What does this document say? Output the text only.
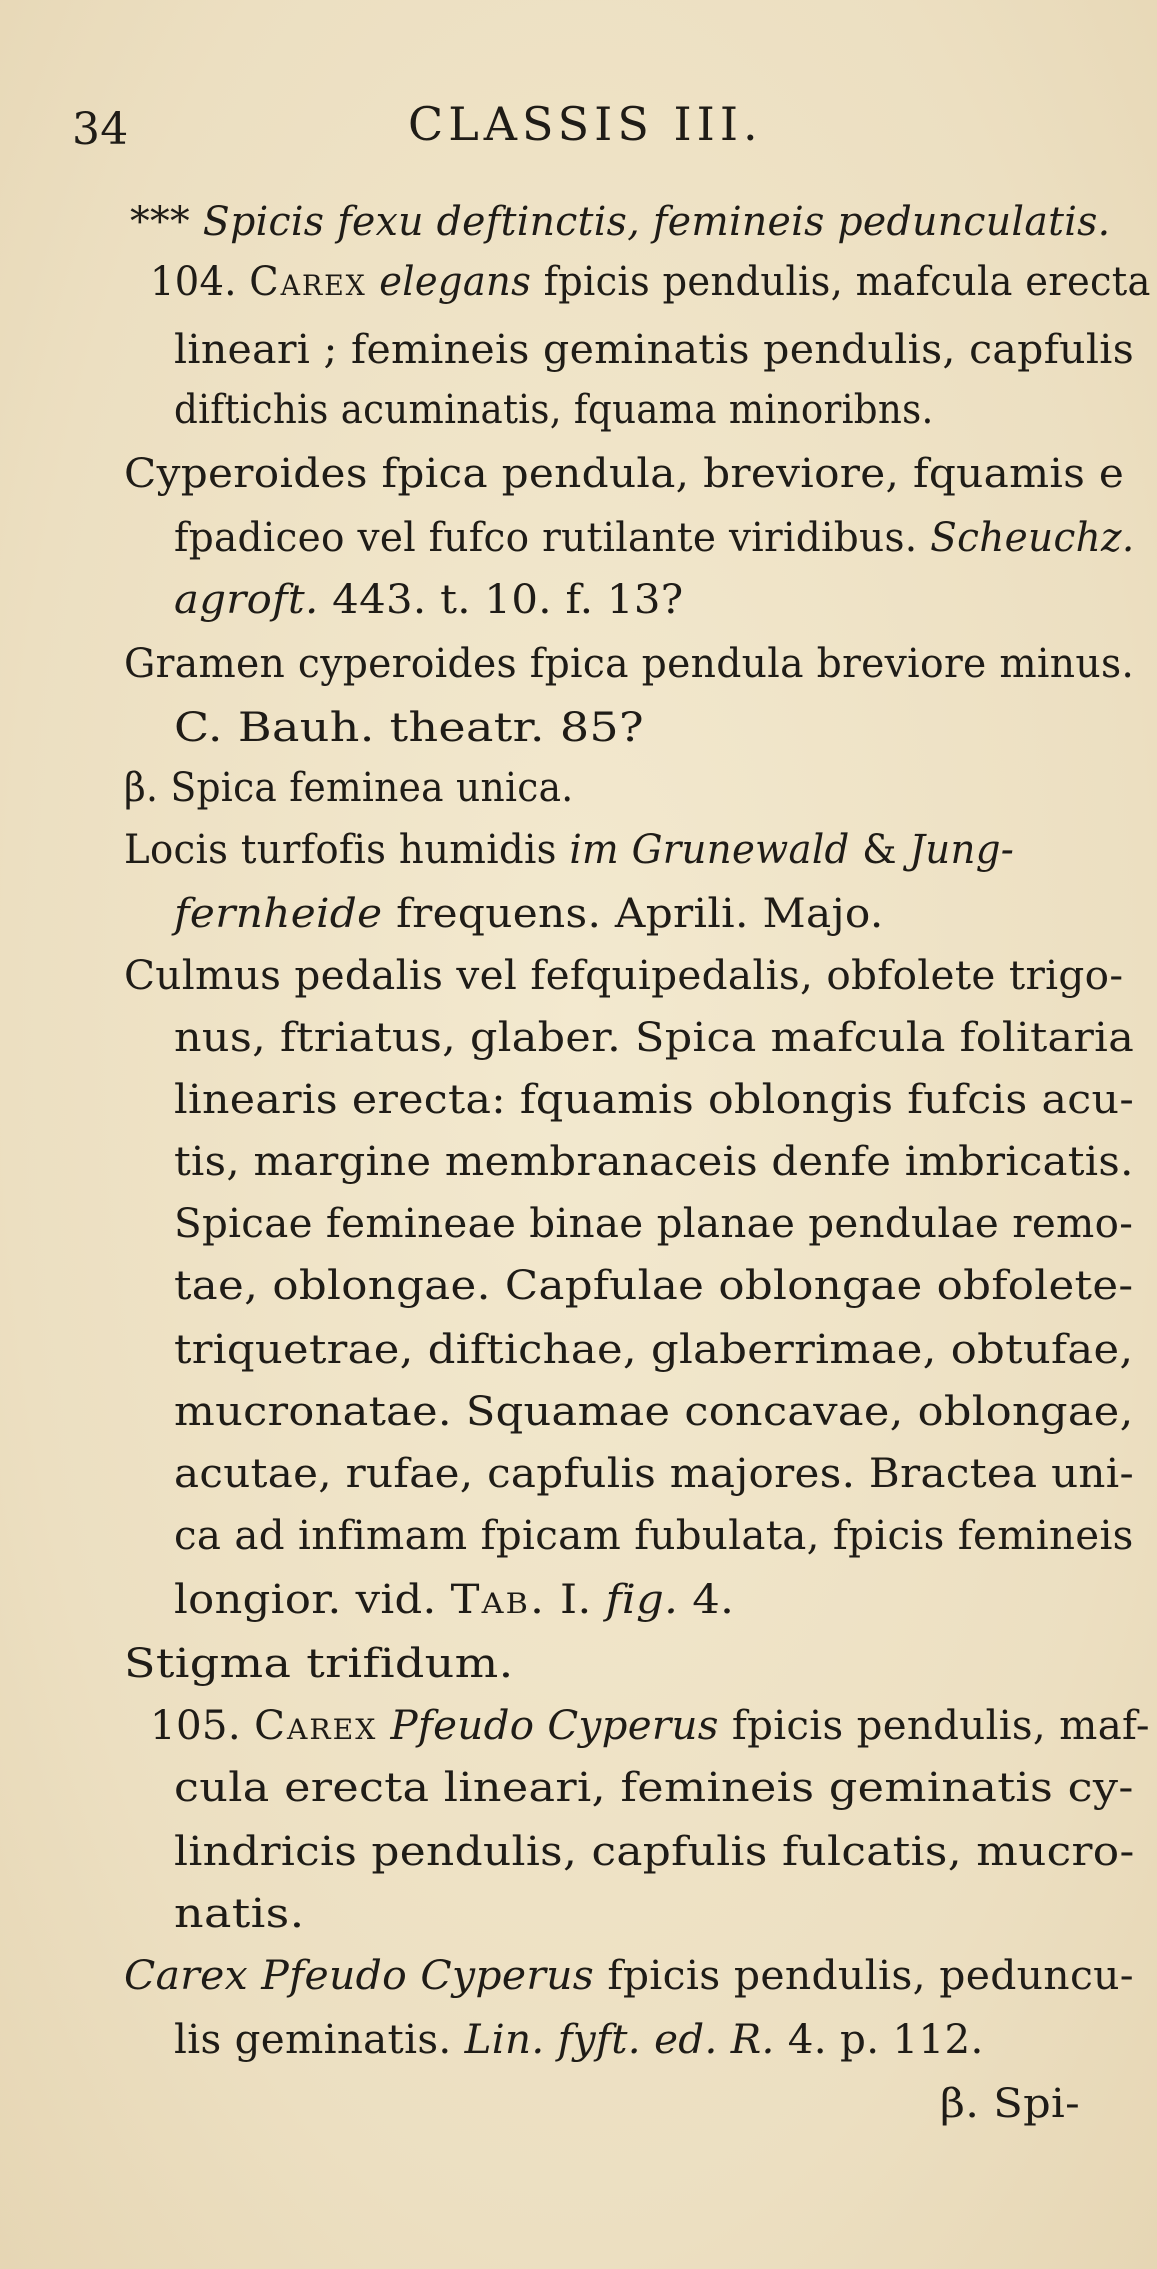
34	CLASSIS III.
*** Spicis fexu deftinctis, femineis pedunculatis.
104. Carex elegans fpicis pendulis, mafcula erecta
lineari ; femineis geminatis pendulis, capfulis
diftichis acuminatis, fquama minoribns.
Cyperoides fpica pendula, breviore, fquamis e
fpadiceo vel fufco rutilante viridibus. Scheuchz.
agroft. 443. t. 10. f. 13?
Gramen cyperoides fpica pendula breviore minus.
C. Bauh. theatr. 85?
β. Spica feminea unica.
Locis turfofis humidis im Grunewald & Jung-
fernheide frequens. Aprili. Majo.
Culmus pedalis vel fefquipedalis, obfolete trigo-
nus, ftriatus, glaber. Spica mafcula folitaria
linearis erecta: fquamis oblongis fufcis acu-
tis, margine membranaceis denfe imbricatis.
Spicae femineae binae planae pendulae remo-
tae, oblongae. Capfulae oblongae obfolete-
triquetrae, diftichae, glaberrimae, obtufae,
mucronatae. Squamae concavae, oblongae,
acutae, rufae, capfulis majores. Bractea uni-
ca ad infimam fpicam fubulata, fpicis femineis
longior. vid. Tab. I. fig. 4.
Stigma trifidum.
105. Carex Pfeudo Cyperus fpicis pendulis, maf-
cula erecta lineari, femineis geminatis cy-
lindricis pendulis, capfulis fulcatis, mucro-
natis.
Carex Pfeudo Cyperus fpicis pendulis, peduncu-
lis geminatis. Lin. fyft. ed. R. 4. p. 112.
β. Spi-
